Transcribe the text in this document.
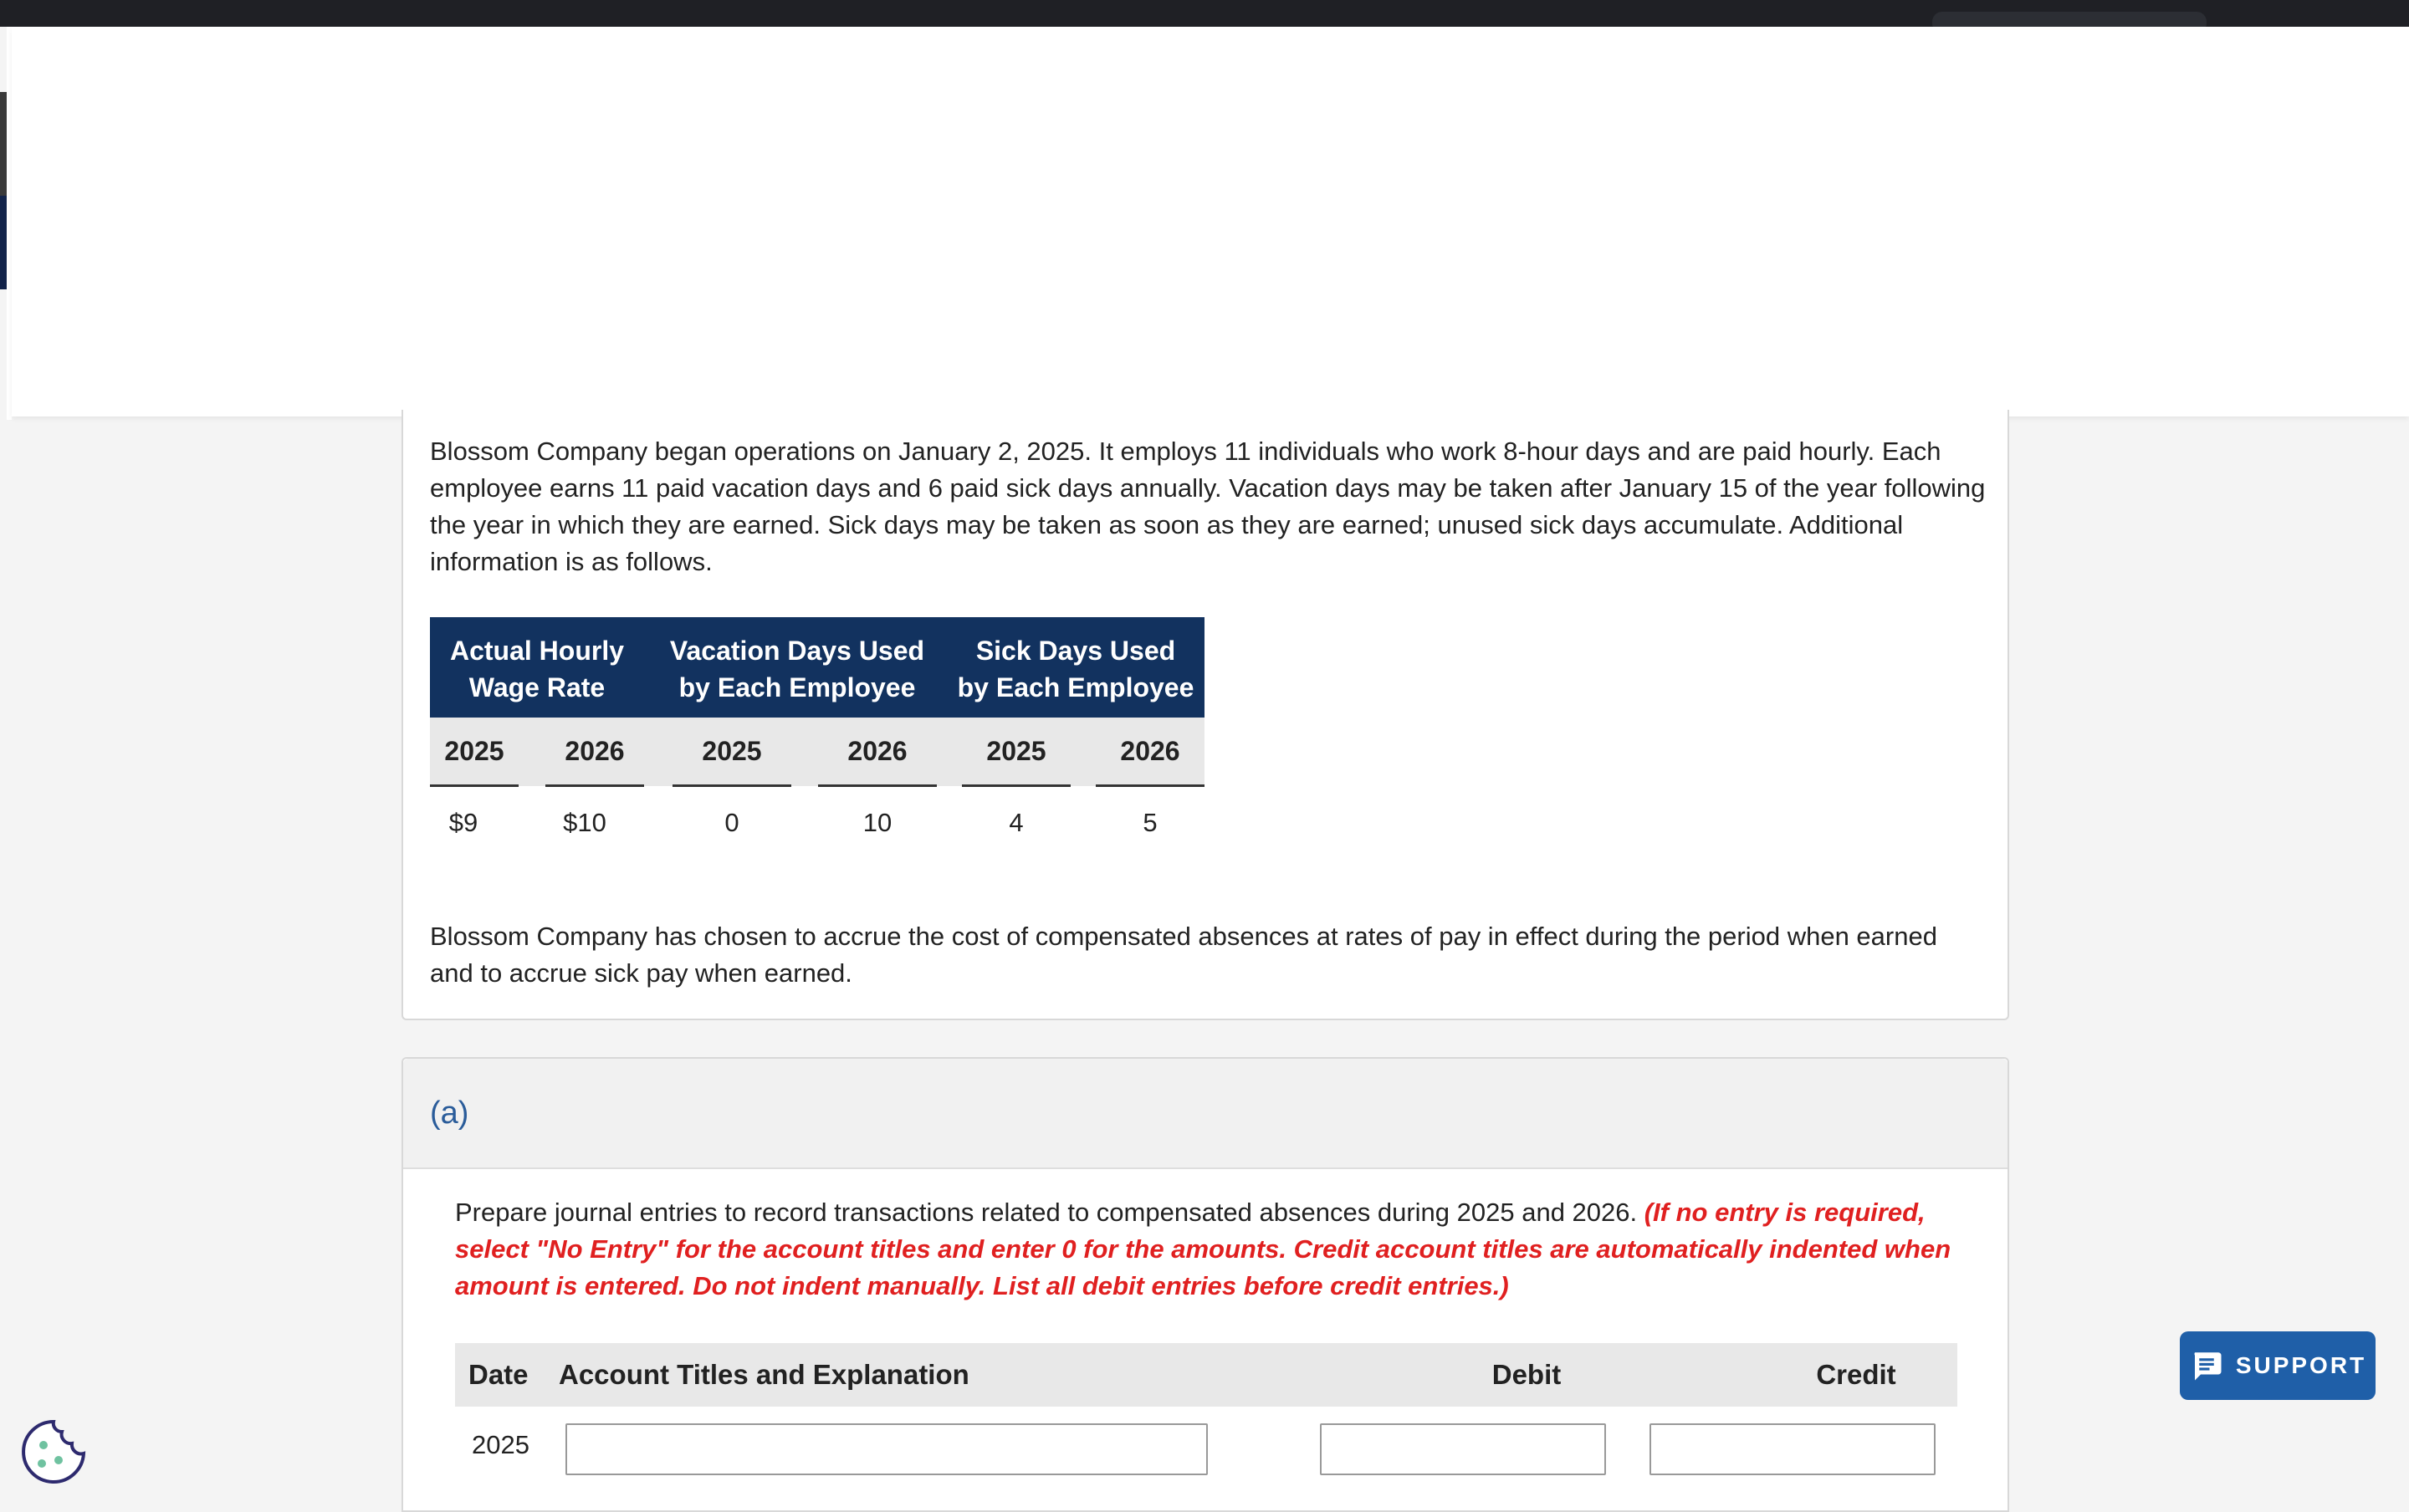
Blossom Company began operations on January 2, 2025. It employs 11 individuals who work 8-hour days and are paid hourly. Each employee earns 11 paid vacation days and 6 paid sick days annually. Vacation days may be taken after January 15 of the year following the year in which they are earned. Sick days may be taken as soon as they are earned; unused sick days accumulate. Additional information is as follows.

Actual Hourly
Wage Rate
Vacation Days Used
by Each Employee
Sick Days Used
by Each Employee
2025	2026	2025	2026	2025	2026
$9	$10	0	10	4	5

Blossom Company has chosen to accrue the cost of compensated absences at rates of pay in effect during the period when earned and to accrue sick pay when earned.

(a)

Prepare journal entries to record transactions related to compensated absences during 2025 and 2026. (If no entry is required, select "No Entry" for the account titles and enter 0 for the amounts. Credit account titles are automatically indented when amount is entered. Do not indent manually. List all debit entries before credit entries.)

Date Account Titles and Explanation	Debit	Credit
2025
SUPPORT
